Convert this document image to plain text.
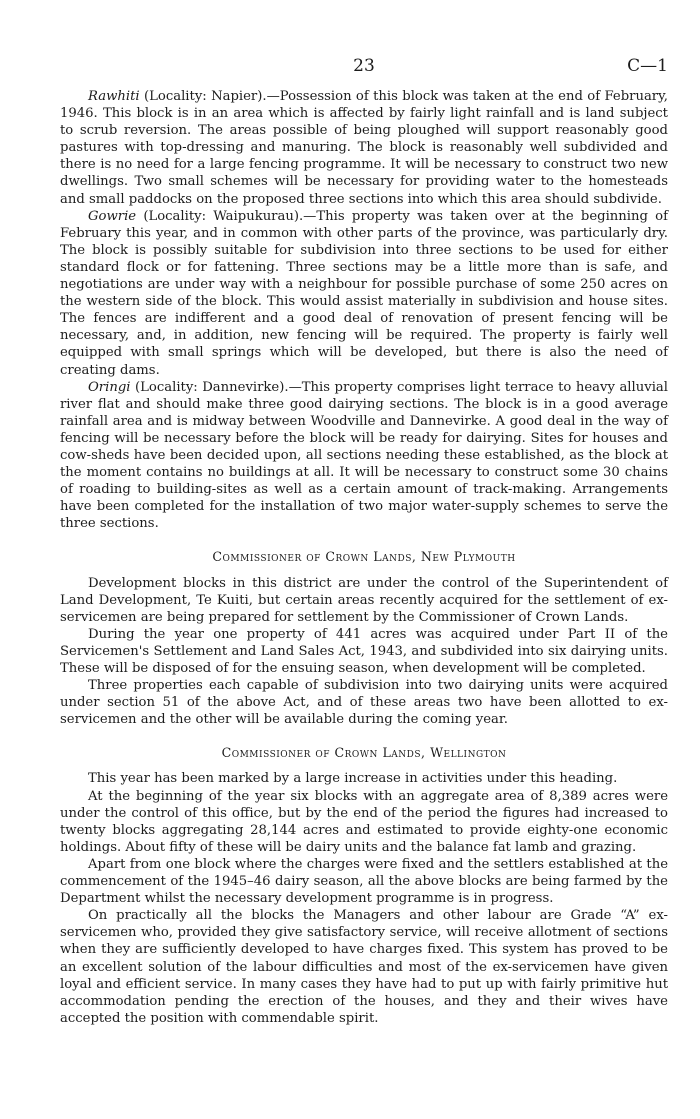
23	C—1

Rawhiti (Locality: Napier).—Possession of this block was taken at the end of February, 1946. This block is in an area which is affected by fairly light rainfall and is land subject to scrub reversion. The areas possible of being ploughed will support reasonably good pastures with top-dressing and manuring. The block is reasonably well subdivided and there is no need for a large fencing programme. It will be necessary to construct two new dwellings. Two small schemes will be necessary for providing water to the homesteads and small paddocks on the proposed three sections into which this area should subdivide.

Gowrie (Locality: Waipukurau).—This property was taken over at the beginning of February this year, and in common with other parts of the province, was particularly dry. The block is possibly suitable for subdivision into three sections to be used for either standard flock or for fattening. Three sections may be a little more than is safe, and negotiations are under way with a neighbour for possible purchase of some 250 acres on the western side of the block. This would assist materially in subdivision and house sites. The fences are indifferent and a good deal of renovation of present fencing will be necessary, and, in addition, new fencing will be required. The property is fairly well equipped with small springs which will be developed, but there is also the need of creating dams.

Oringi (Locality: Dannevirke).—This property comprises light terrace to heavy alluvial river flat and should make three good dairying sections. The block is in a good average rainfall area and is midway between Woodville and Dannevirke. A good deal in the way of fencing will be necessary before the block will be ready for dairying. Sites for houses and cow-sheds have been decided upon, all sections needing these established, as the block at the moment contains no buildings at all. It will be necessary to construct some 30 chains of roading to building-sites as well as a certain amount of track-making. Arrangements have been completed for the installation of two major water-supply schemes to serve the three sections.

Commissioner of Crown Lands, New Plymouth

Development blocks in this district are under the control of the Superintendent of Land Development, Te Kuiti, but certain areas recently acquired for the settlement of ex-servicemen are being prepared for settlement by the Commissioner of Crown Lands.

During the year one property of 441 acres was acquired under Part II of the Servicemen's Settlement and Land Sales Act, 1943, and subdivided into six dairying units. These will be disposed of for the ensuing season, when development will be completed.

Three properties each capable of subdivision into two dairying units were acquired under section 51 of the above Act, and of these areas two have been allotted to ex-servicemen and the other will be available during the coming year.

Commissioner of Crown Lands, Wellington

This year has been marked by a large increase in activities under this heading.

At the beginning of the year six blocks with an aggregate area of 8,389 acres were under the control of this office, but by the end of the period the figures had increased to twenty blocks aggregating 28,144 acres and estimated to provide eighty-one economic holdings. About fifty of these will be dairy units and the balance fat lamb and grazing.

Apart from one block where the charges were fixed and the settlers established at the commencement of the 1945–46 dairy season, all the above blocks are being farmed by the Department whilst the necessary development programme is in progress.

On practically all the blocks the Managers and other labour are Grade “A” ex-servicemen who, provided they give satisfactory service, will receive allotment of sections when they are sufficiently developed to have charges fixed. This system has proved to be an excellent solution of the labour difficulties and most of the ex-servicemen have given loyal and efficient service. In many cases they have had to put up with fairly primitive hut accommodation pending the erection of the houses, and they and their wives have accepted the position with commendable spirit.
